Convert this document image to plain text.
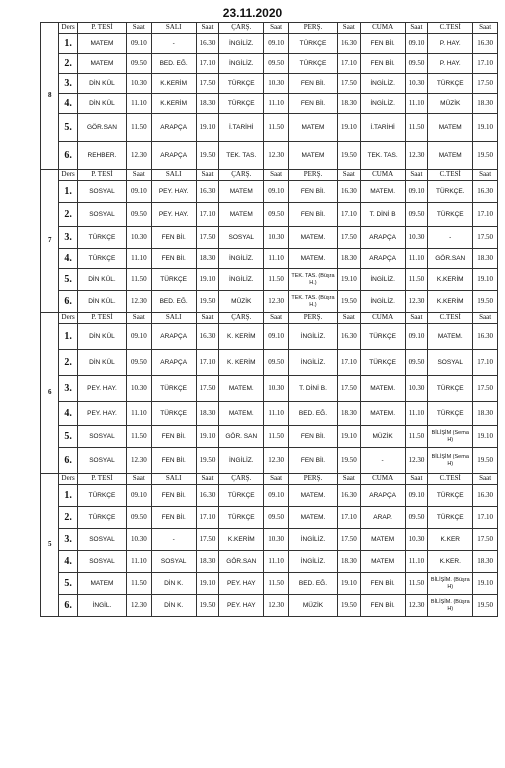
23.11.2020
8	Ders	P. TESİ	Saat	SALI	Saat	ÇARŞ.	Saat	PERŞ.	Saat	CUMA	Saat	C.TESİ	Saat
	1.	MATEM	09.10	-	16.30	İNGİLİZ.	09.10	TÜRKÇE	16.30	FEN Bİl.	09.10	P. HAY.	16.30
	2.	MATEM	09.50	BED. EĞ.	17.10	İNGİLİZ.	09.50	TÜRKÇE	17.10	FEN Bİl.	09.50	P. HAY.	17.10
	3.	DİN KÜL	10.30	K.KERİM	17.50	TÜRKÇE	10.30	FEN Bİl.	17.50	İNGİLİZ.	10.30	TÜRKÇE	17.50
	4.	DİN KÜL	11.10	K.KERİM	18.30	TÜRKÇE	11.10	FEN Bİl.	18.30	İNGİLİZ.	11.10	MÜZİK	18.30
	5.	GÖR.SAN	11.50	ARAPÇA	19.10	İ.TARİHİ	11.50	MATEM	19.10	İ.TARİHİ	11.50	MATEM	19.10
	6.	REHBER.	12.30	ARAPÇA	19.50	TEK. TAS.	12.30	MATEM	19.50	TEK. TAS.	12.30	MATEM	19.50
7	Ders	P. TESİ	Saat	SALI	Saat	ÇARŞ.	Saat	PERŞ.	Saat	CUMA	Saat	C.TESİ	Saat
	1.	SOSYAL	09.10	PEY. HAY.	16.30	MATEM	09.10	FEN Bİl.	16.30	MATEM.	09.10	TÜRKÇE.	16.30
	2.	SOSYAL	09.50	PEY. HAY.	17.10	MATEM	09.50	FEN Bİl.	17.10	T. DİNİ B	09.50	TÜRKÇE	17.10
	3.	TÜRKÇE	10.30	FEN Bİl.	17.50	SOSYAL	10.30	MATEM.	17.50	ARAPÇA	10.30	-	17.50
	4.	TÜRKÇE	11.10	FEN Bİl.	18.30	İNGİLİZ.	11.10	MATEM.	18.30	ARAPÇA	11.10	GÖR.SAN	18.30
	5.	DİN KÜL.	11.50	TÜRKÇE	19.10	İNGİLİZ.	11.50	TEK. TAS. (Büşra H.)	19.10	İNGİLİZ.	11.50	K.KERİM	19.10
	6.	DİN KÜL.	12.30	BED. EĞ.	19.50	MÜZİK	12.30	TEK. TAS. (Büşra H.)	19.50	İNGİLİZ.	12.30	K.KERİM	19.50
6	Ders	P. TESİ	Saat	SALI	Saat	ÇARŞ.	Saat	PERŞ.	Saat	CUMA	Saat	C.TESİ	Saat
	1.	DİN KÜL	09.10	ARAPÇA	16.30	K. KERİM	09.10	İNGİLİZ.	16.30	TÜRKÇE	09.10	MATEM.	16.30
	2.	DİN KÜL	09.50	ARAPÇA	17.10	K. KERİM	09.50	İNGİLİZ.	17.10	TÜRKÇE	09.50	SOSYAL	17.10
	3.	PEY. HAY.	10.30	TÜRKÇE	17.50	MATEM.	10.30	T. DİNİ B.	17.50	MATEM.	10.30	TÜRKÇE	17.50
	4.	PEY. HAY.	11.10	TÜRKÇE	18.30	MATEM.	11.10	BED. EĞ.	18.30	MATEM.	11.10	TÜRKÇE	18.30
	5.	SOSYAL	11.50	FEN Bİl.	19.10	GÖR. SAN	11.50	FEN Bİl.	19.10	MÜZİK	11.50	BİLİŞİM (Sema H)	19.10
	6.	SOSYAL	12.30	FEN Bİl.	19.50	İNGİLİZ.	12.30	FEN Bİl.	19.50	-	12.30	BİLİŞİM (Sema H)	19.50
5	Ders	P. TESİ	Saat	SALI	Saat	ÇARŞ.	Saat	PERŞ.	Saat	CUMA	Saat	C.TESİ	Saat
	1.	TÜRKÇE	09.10	FEN Bİl.	16.30	TÜRKÇE	09.10	MATEM.	16.30	ARAPÇA	09.10	TÜRKÇE	16.30
	2.	TÜRKÇE	09.50	FEN Bİl.	17.10	TÜRKÇE	09.50	MATEM.	17.10	ARAP.	09.50	TÜRKÇE	17.10
	3.	SOSYAL	10.30	-	17.50	K.KERİM	10.30	İNGİLİZ.	17.50	MATEM	10.30	K.KER	17.50
	4.	SOSYAL	11.10	SOSYAL	18.30	GÖR.SAN	11.10	İNGİLİZ.	18.30	MATEM	11.10	K.KER.	18.30
	5.	MATEM	11.50	DİN K.	19.10	PEY. HAY	11.50	BED. EĞ.	19.10	FEN Bİl.	11.50	BİLİŞİM. (Büşra H)	19.10
	6.	İNGİL.	12.30	DİN K.	19.50	PEY. HAY	12.30	MÜZİK	19.50	FEN Bİl.	12.30	BİLİŞİM. (Büşra H)	19.50
